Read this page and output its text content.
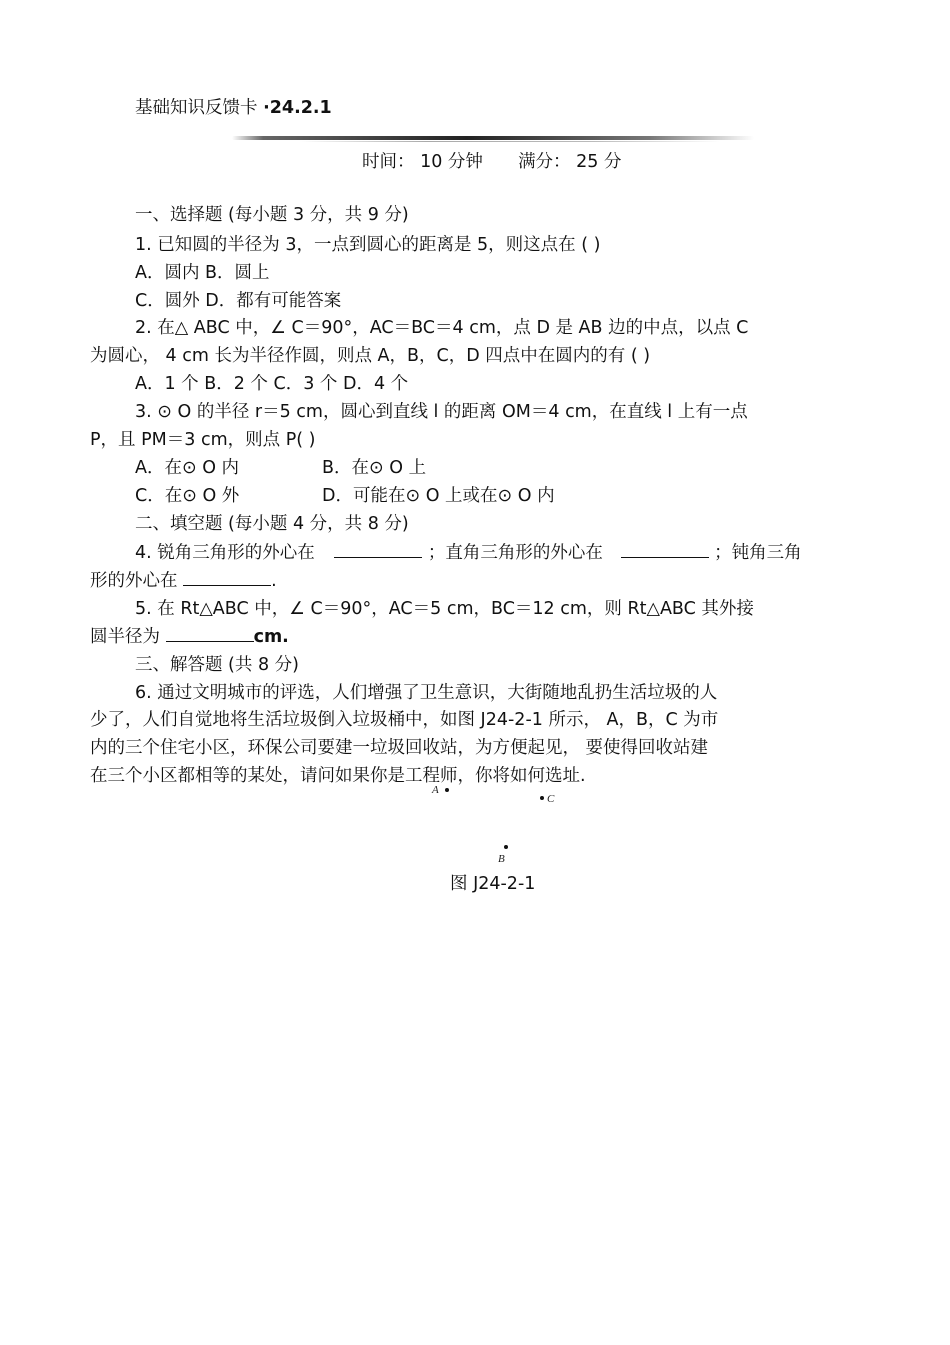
基础知识反馈卡 ·24.2.1
时间： 10 分钟 满分： 25 分
一、选择题 (每小题 3 分，共 9 分)
1. 已知圆的半径为 3，一点到圆心的距离是 5，则这点在 ( )
A．圆内 B．圆上
C．圆外 D．都有可能答案
2. 在△ ABC 中，∠ C＝90°，AC＝BC＝4 cm，点 D 是 AB 边的中点，以点 C
为圆心， 4 cm 长为半径作圆，则点 A，B，C，D 四点中在圆内的有 ( )
A．1 个 B．2 个 C．3 个 D．4 个
3. ⊙ O 的半径 r＝5 cm，圆心到直线 l 的距离 OM＝4 cm，在直线 l 上有一点
P，且 PM＝3 cm，则点 P( )
A．在⊙ O 内	B．在⊙ O 上
C．在⊙ O 外	D．可能在⊙ O 上或在⊙ O 内
二、填空题 (每小题 4 分，共 8 分)
4. 锐角三角形的外心在	；直角三角形的外心在	；钝角三角
形的外心在	.
5. 在 Rt△ABC 中，∠ C＝90°，AC＝5 cm，BC＝12 cm，则 Rt△ABC 其外接
圆半径为	cm.
三、解答题 (共 8 分)
6. 通过文明城市的评选，人们增强了卫生意识，大街随地乱扔生活垃圾的人
少了，人们自觉地将生活垃圾倒入垃圾桶中，如图 J24-2-1 所示， A，B，C 为市
内的三个住宅小区，环保公司要建一垃圾回收站，为方便起见， 要使得回收站建
在三个小区都相等的某处，请问如果你是工程师，你将如何选址.
A
C
B
图 J24-2-1
